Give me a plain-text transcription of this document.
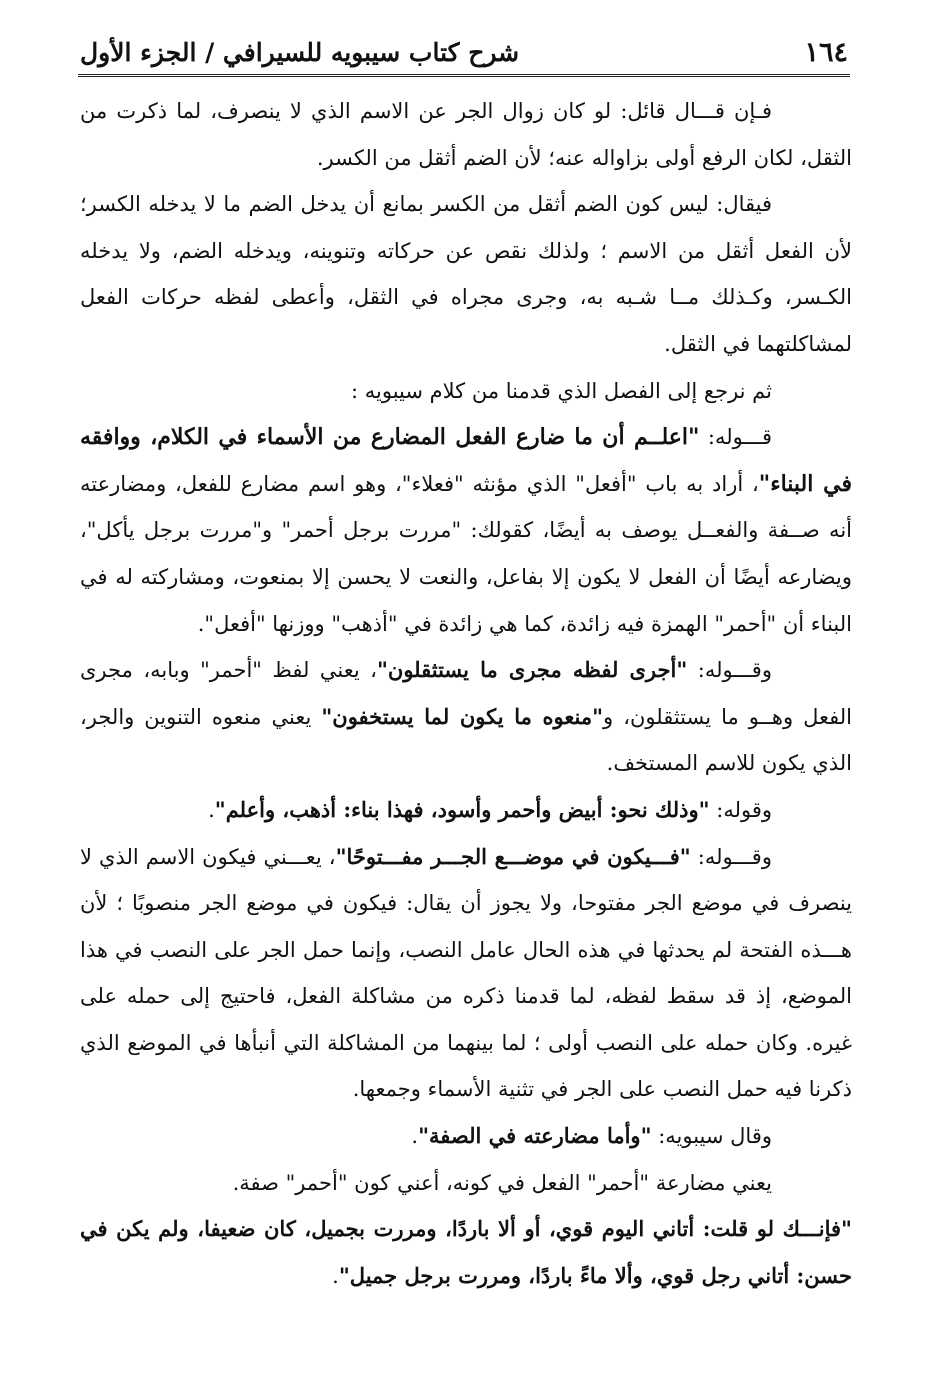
١٦٤
شرح كتاب سيبويه للسيرافي / الجزء الأول

فـإن قـــال قائل: لو كان زوال الجر عن الاسم الذي لا ينصرف، لما ذكرت من الثقل، لكان الرفع أولى بزاواله عنه؛ لأن الضم أثقل من الكسر.

فيقال: ليس كون الضم أثقل من الكسر بمانع أن يدخل الضم ما لا يدخله الكسر؛ لأن الفعل أثقل من الاسم ؛ ولذلك نقص عن حركاته وتنوينه، ويدخله الضم، ولا يدخله الكـسر، وكـذلك مــا شـبه به، وجرى مجراه في الثقل، وأعطى لفظه حركات الفعل لمشاكلتهما في الثقل.

ثم نرجع إلى الفصل الذي قدمنا من كلام سيبويه :

قـــوله: "اعلــم أن ما ضارع الفعل المضارع من الأسماء في الكلام، ووافقه في البناء"، أراد به باب "أفعل" الذي مؤنثه "فعلاء"، وهو اسم مضارع للفعل، ومضارعته أنه صــفة والفعــل يوصف به أيضًا، كقولك: "مررت برجل أحمر" و"مررت برجل يأكل"، ويضارعه أيضًا أن الفعل لا يكون إلا بفاعل، والنعت لا يحسن إلا بمنعوت، ومشاركته له في البناء أن "أحمر" الهمزة فيه زائدة، كما هي زائدة في "أذهب" ووزنها "أفعل".

وقـــوله: "أجرى لفظه مجرى ما يستثقلون"، يعني لفظ "أحمر" وبابه، مجرى الفعل وهــو ما يستثقلون، و"منعوه ما يكون لما يستخفون" يعني منعوه التنوين والجر، الذي يكون للاسم المستخف.

وقوله: "وذلك نحو: أبيض وأحمر وأسود، فهذا بناء: أذهب، وأعلم".

وقـــوله: "فـــيكون في موضـــع الجـــر مفـــتوحًا"، يعـــني فيكون الاسم الذي لا ينصرف في موضع الجر مفتوحا، ولا يجوز أن يقال: فيكون في موضع الجر منصوبًا ؛ لأن هـــذه الفتحة لم يحدثها في هذه الحال عامل النصب، وإنما حمل الجر على النصب في هذا الموضع، إذ قد سقط لفظه، لما قدمنا ذكره من مشاكلة الفعل، فاحتيج إلى حمله على غيره. وكان حمله على النصب أولى ؛ لما بينهما من المشاكلة التي أنبأها في الموضع الذي ذكرنا فيه حمل النصب على الجر في تثنية الأسماء وجمعها.

وقال سيبويه: "وأما مضارعته في الصفة".

يعني مضارعة "أحمر" الفعل في كونه، أعني كون "أحمر" صفة.

"فإنـــك لو قلت: أتاني اليوم قوي، أو ألا باردًا، ومررت بجميل، كان ضعيفا، ولم يكن في حسن: أتاني رجل قوي، وألا ماءً باردًا، ومررت برجل جميل".
